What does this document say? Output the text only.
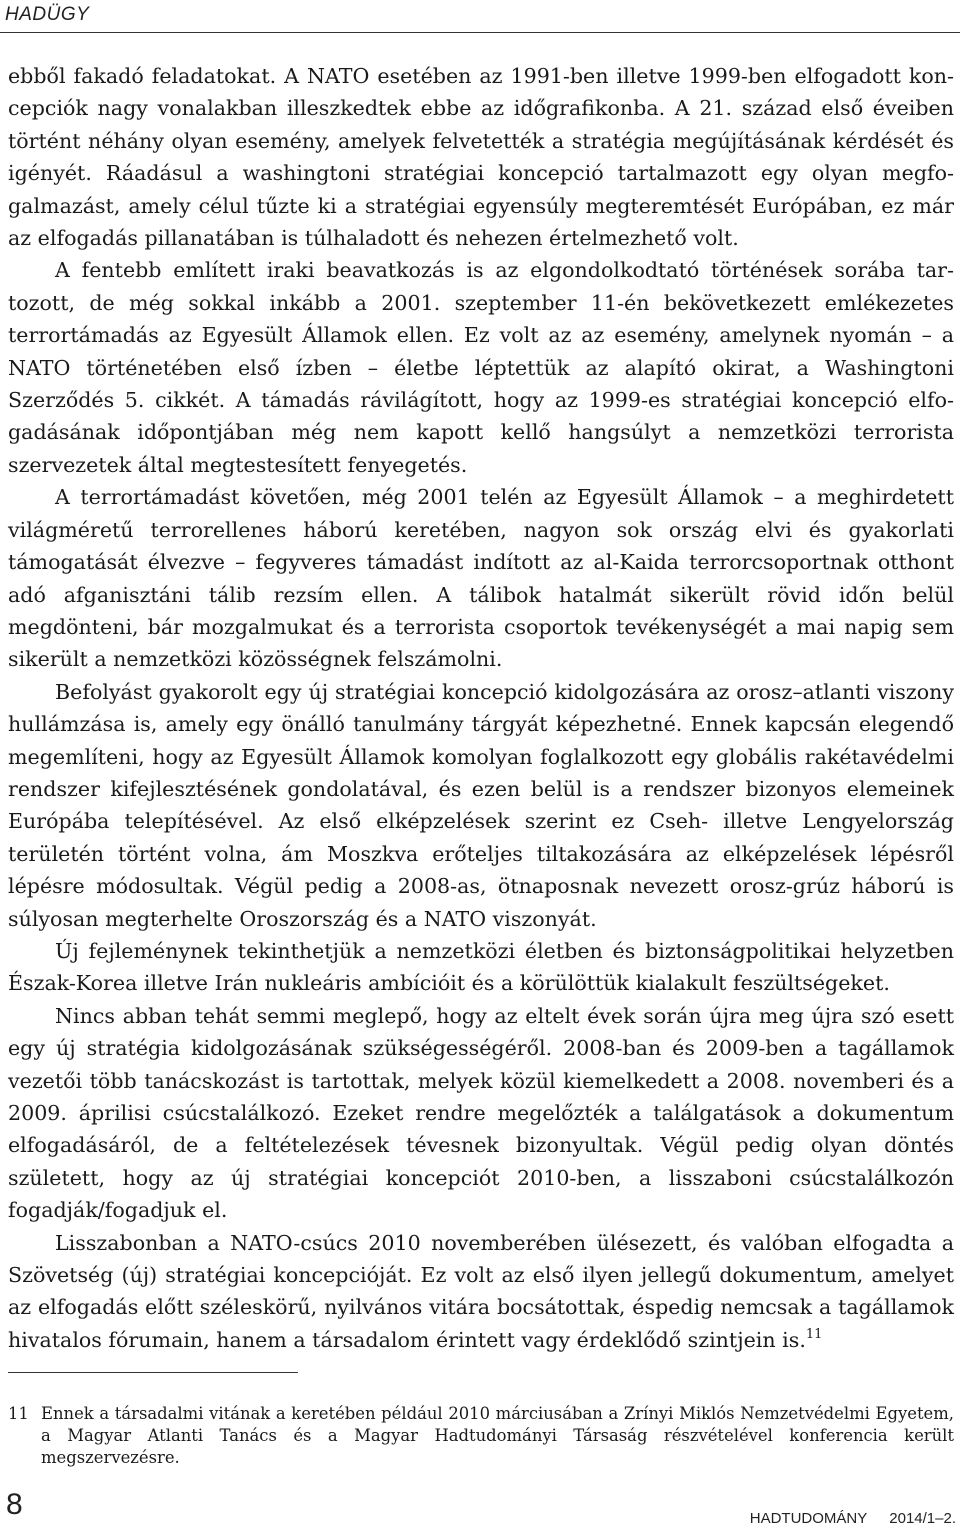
HADÜGY

ebből fakadó feladatokat. A NATO esetében az 1991-ben illetve 1999-ben elfogadott koncepciók nagy vonalakban illeszkedtek ebbe az időgrafikonba. A 21. század első éveiben történt néhány olyan esemény, amelyek felvetették a stratégia megújításának kérdését és igényét. Ráadásul a washingtoni stratégiai koncepció tartalmazott egy olyan megfogalmazást, amely célul tűzte ki a stratégiai egyensúly megteremtését Európában, ez már az elfogadás pillanatában is túlhaladott és nehezen értelmezhető volt.

A fentebb említett iraki beavatkozás is az elgondolkodtató történések sorába tartozott, de még sokkal inkább a 2001. szeptember 11-én bekövetkezett emlékezetes terrortámadás az Egyesült Államok ellen. Ez volt az az esemény, amelynek nyomán – a NATO történetében első ízben – életbe léptettük az alapító okirat, a Washingtoni Szerződés 5. cikkét. A támadás rávilágított, hogy az 1999-es stratégiai koncepció elfogadásának időpontjában még nem kapott kellő hangsúlyt a nemzetközi terrorista szervezetek által megtestesített fenyegetés.

A terrortámadást követően, még 2001 telén az Egyesült Államok – a meghirdetett világméretű terrorellenes háború keretében, nagyon sok ország elvi és gyakorlati támogatását élvezve – fegyveres támadást indított az al-Kaida terrorcsoportnak otthont adó afganisztáni tálib rezsím ellen. A tálibok hatalmát sikerült rövid időn belül megdönteni, bár mozgalmukat és a terrorista csoportok tevékenységét a mai napig sem sikerült a nemzetközi közösségnek felszámolni.

Befolyást gyakorolt egy új stratégiai koncepció kidolgozására az orosz–atlanti viszony hullámzása is, amely egy önálló tanulmány tárgyát képezhetné. Ennek kapcsán elegendő megemlíteni, hogy az Egyesült Államok komolyan foglalkozott egy globális rakétavédelmi rendszer kifejlesztésének gondolatával, és ezen belül is a rendszer bizonyos elemeinek Európába telepítésével. Az első elképzelések szerint ez Cseh- illetve Lengyelország területén történt volna, ám Moszkva erőteljes tiltakozására az elképzelések lépésről lépésre módosultak. Végül pedig a 2008-as, ötnaposnak nevezett orosz-grúz háború is súlyosan megterhelte Oroszország és a NATO viszonyát.

Új fejleménynek tekinthetjük a nemzetközi életben és biztonságpolitikai helyzetben Észak-Korea illetve Irán nukleáris ambícióit és a körülöttük kialakult feszültségeket.

Nincs abban tehát semmi meglepő, hogy az eltelt évek során újra meg újra szó esett egy új stratégia kidolgozásának szükségességéről. 2008-ban és 2009-ben a tagállamok vezetői több tanácskozást is tartottak, melyek közül kiemelkedett a 2008. novemberi és a 2009. áprilisi csúcstalálkozó. Ezeket rendre megelőzték a találgatások a dokumentum elfogadásáról, de a feltételezések tévesnek bizonyultak. Végül pedig olyan döntés született, hogy az új stratégiai koncepciót 2010-ben, a lisszaboni csúcstalálkozón fogadják/fogadjuk el.

Lisszabonban a NATO-csúcs 2010 novemberében ülésezett, és valóban elfogadta a Szövetség (új) stratégiai koncepcióját. Ez volt az első ilyen jellegű dokumentum, amelyet az elfogadás előtt széleskörű, nyilvános vitára bocsátottak, éspedig nemcsak a tagállamok hivatalos fórumain, hanem a társadalom érintett vagy érdeklődő szintjein is.$^{11}$

11 Ennek a társadalmi vitának a keretében például 2010 márciusában a Zrínyi Miklós Nemzetvédelmi Egyetem, a Magyar Atlanti Tanács és a Magyar Hadtudományi Társaság részvételével konferencia került megszervezésre.
8	HADTUDOMÁNY 2014/1–2.
